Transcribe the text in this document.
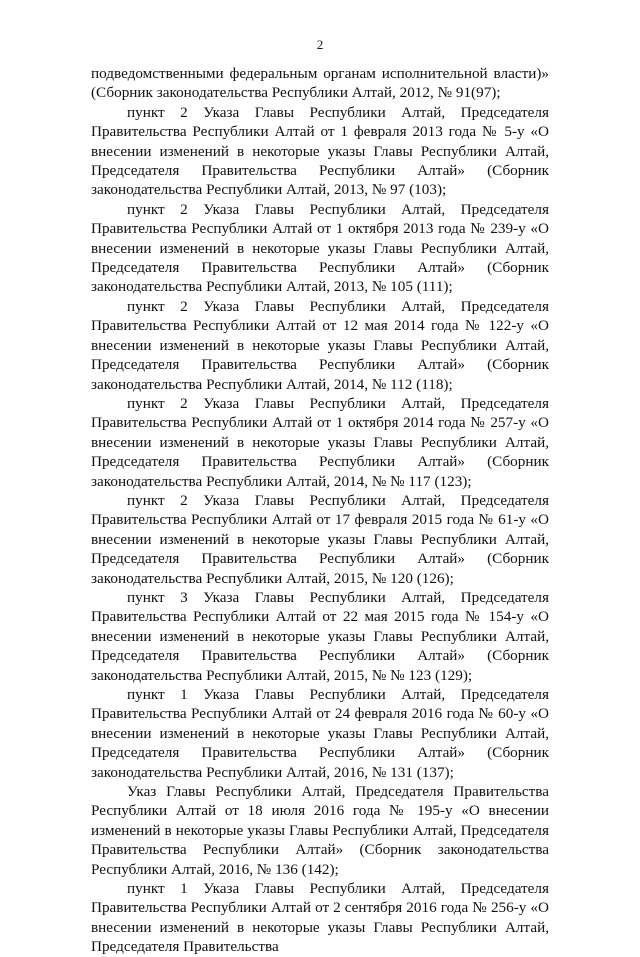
2

подведомственными федеральным органам исполнительной власти)» (Сборник законодательства Республики Алтай, 2012, № 91(97);

пункт 2 Указа Главы Республики Алтай, Председателя Правительства Республики Алтай от 1 февраля 2013 года № 5-у «О внесении изменений в некоторые указы Главы Республики Алтай, Председателя Правительства Республики Алтай» (Сборник законодательства Республики Алтай, 2013, № 97 (103);

пункт 2 Указа Главы Республики Алтай, Председателя Правительства Республики Алтай от 1 октября 2013 года № 239-у «О внесении изменений в некоторые указы Главы Республики Алтай, Председателя Правительства Республики Алтай» (Сборник законодательства Республики Алтай, 2013, № 105 (111);

пункт 2 Указа Главы Республики Алтай, Председателя Правительства Республики Алтай от 12 мая 2014 года № 122-у «О внесении изменений в некоторые указы Главы Республики Алтай, Председателя Правительства Республики Алтай» (Сборник законодательства Республики Алтай, 2014, № 112 (118);

пункт 2 Указа Главы Республики Алтай, Председателя Правительства Республики Алтай от 1 октября 2014 года № 257-у «О внесении изменений в некоторые указы Главы Республики Алтай, Председателя Правительства Республики Алтай» (Сборник законодательства Республики Алтай, 2014, № № 117 (123);

пункт 2 Указа Главы Республики Алтай, Председателя Правительства Республики Алтай от 17 февраля 2015 года № 61-у «О внесении изменений в некоторые указы Главы Республики Алтай, Председателя Правительства Республики Алтай» (Сборник законодательства Республики Алтай, 2015, № 120 (126);

пункт 3 Указа Главы Республики Алтай, Председателя Правительства Республики Алтай от 22 мая 2015 года № 154-у «О внесении изменений в некоторые указы Главы Республики Алтай, Председателя Правительства Республики Алтай» (Сборник законодательства Республики Алтай, 2015, № № 123 (129);

пункт 1 Указа Главы Республики Алтай, Председателя Правительства Республики Алтай от 24 февраля 2016 года № 60-у «О внесении изменений в некоторые указы Главы Республики Алтай, Председателя Правительства Республики Алтай» (Сборник законодательства Республики Алтай, 2016, № 131 (137);

Указ Главы Республики Алтай, Председателя Правительства Республики Алтай от 18 июля 2016 года № 195-у «О внесении изменений в некоторые указы Главы Республики Алтай, Председателя Правительства Республики Алтай» (Сборник законодательства Республики Алтай, 2016, № 136 (142);

пункт 1 Указа Главы Республики Алтай, Председателя Правительства Республики Алтай от 2 сентября 2016 года № 256-у «О внесении изменений в некоторые указы Главы Республики Алтай, Председателя Правительства
